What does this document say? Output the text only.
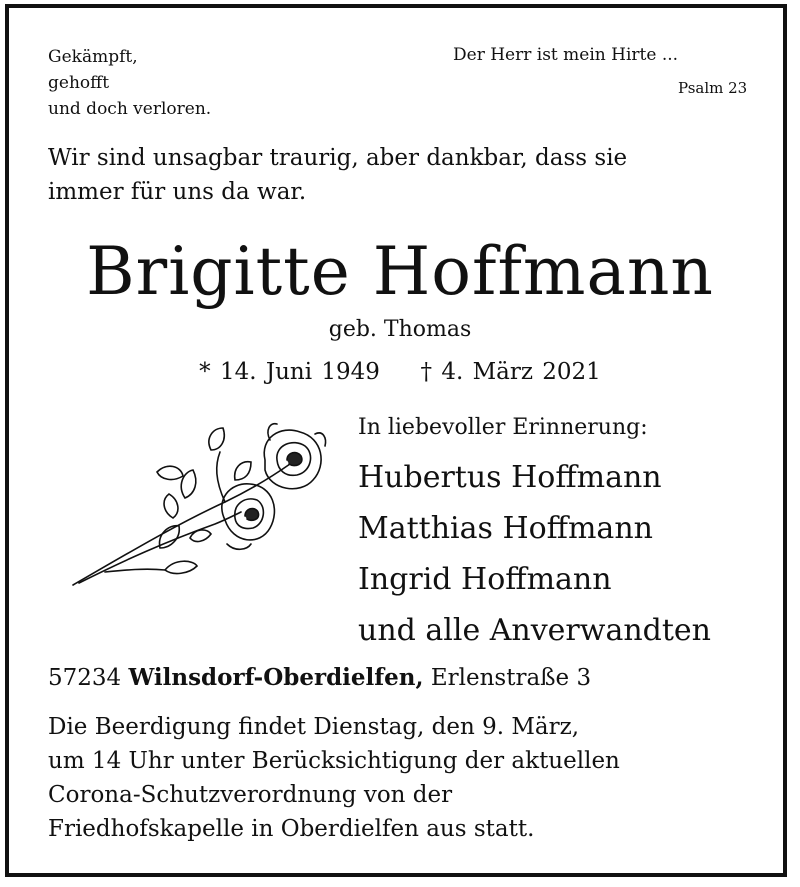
Gekämpft,
gehofft
und doch verloren.
Der Herr ist mein Hirte ...
Psalm 23
Wir sind unsagbar traurig, aber dankbar, dass sie
immer für uns da war.
Brigitte Hoffmann
geb. Thomas
* 14. Juni 1949 † 4. März 2021
In liebevoller Erinnerung:
Hubertus Hoffmann
Matthias Hoffmann
Ingrid Hoffmann
und alle Anverwandten
57234 Wilnsdorf-Oberdielfen, Erlenstraße 3
Die Beerdigung findet Dienstag, den 9. März,
um 14 Uhr unter Berücksichtigung der aktuellen
Corona-Schutzverordnung von der
Friedhofskapelle in Oberdielfen aus statt.
